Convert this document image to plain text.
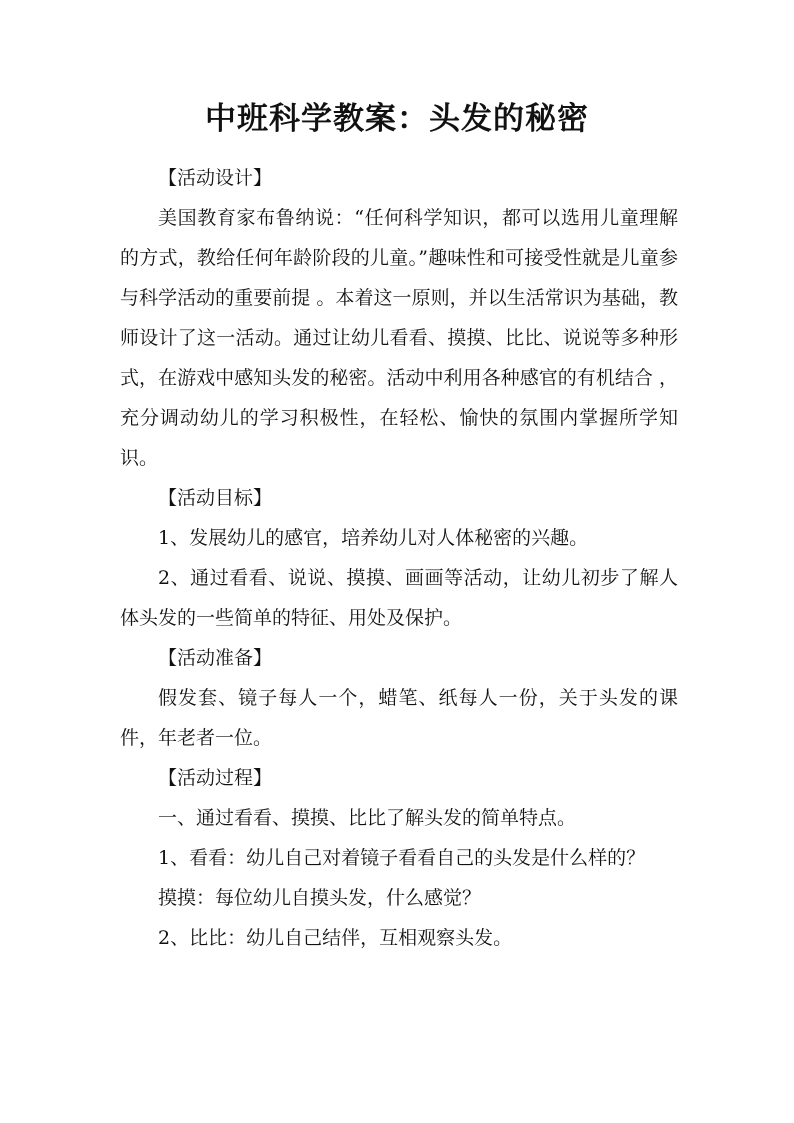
中班科学教案：头发的秘密

【活动设计】

美国教育家布鲁纳说：“任何科学知识，都可以选用儿童理解的方式，教给任何年龄阶段的儿童。”趣味性和可接受性就是儿童参与科学活动的重要前提 。本着这一原则，并以生活常识为基础，教师设计了这一活动。通过让幼儿看看、摸摸、比比、说说等多种形式，在游戏中感知头发的秘密。活动中利用各种感官的有机结合 ，充分调动幼儿的学习积极性，在轻松、愉快的氛围内掌握所学知识。

【活动目标】

1、发展幼儿的感官，培养幼儿对人体秘密的兴趣。

2、通过看看、说说、摸摸、画画等活动，让幼儿初步了解人体头发的一些简单的特征、用处及保护。

【活动准备】

假发套、镜子每人一个，蜡笔、纸每人一份，关于头发的课件，年老者一位。

【活动过程】

一、通过看看、摸摸、比比了解头发的简单特点。

1、看看：幼儿自己对着镜子看看自己的头发是什么样的？

摸摸：每位幼儿自摸头发，什么感觉？

2、比比：幼儿自己结伴，互相观察头发。
